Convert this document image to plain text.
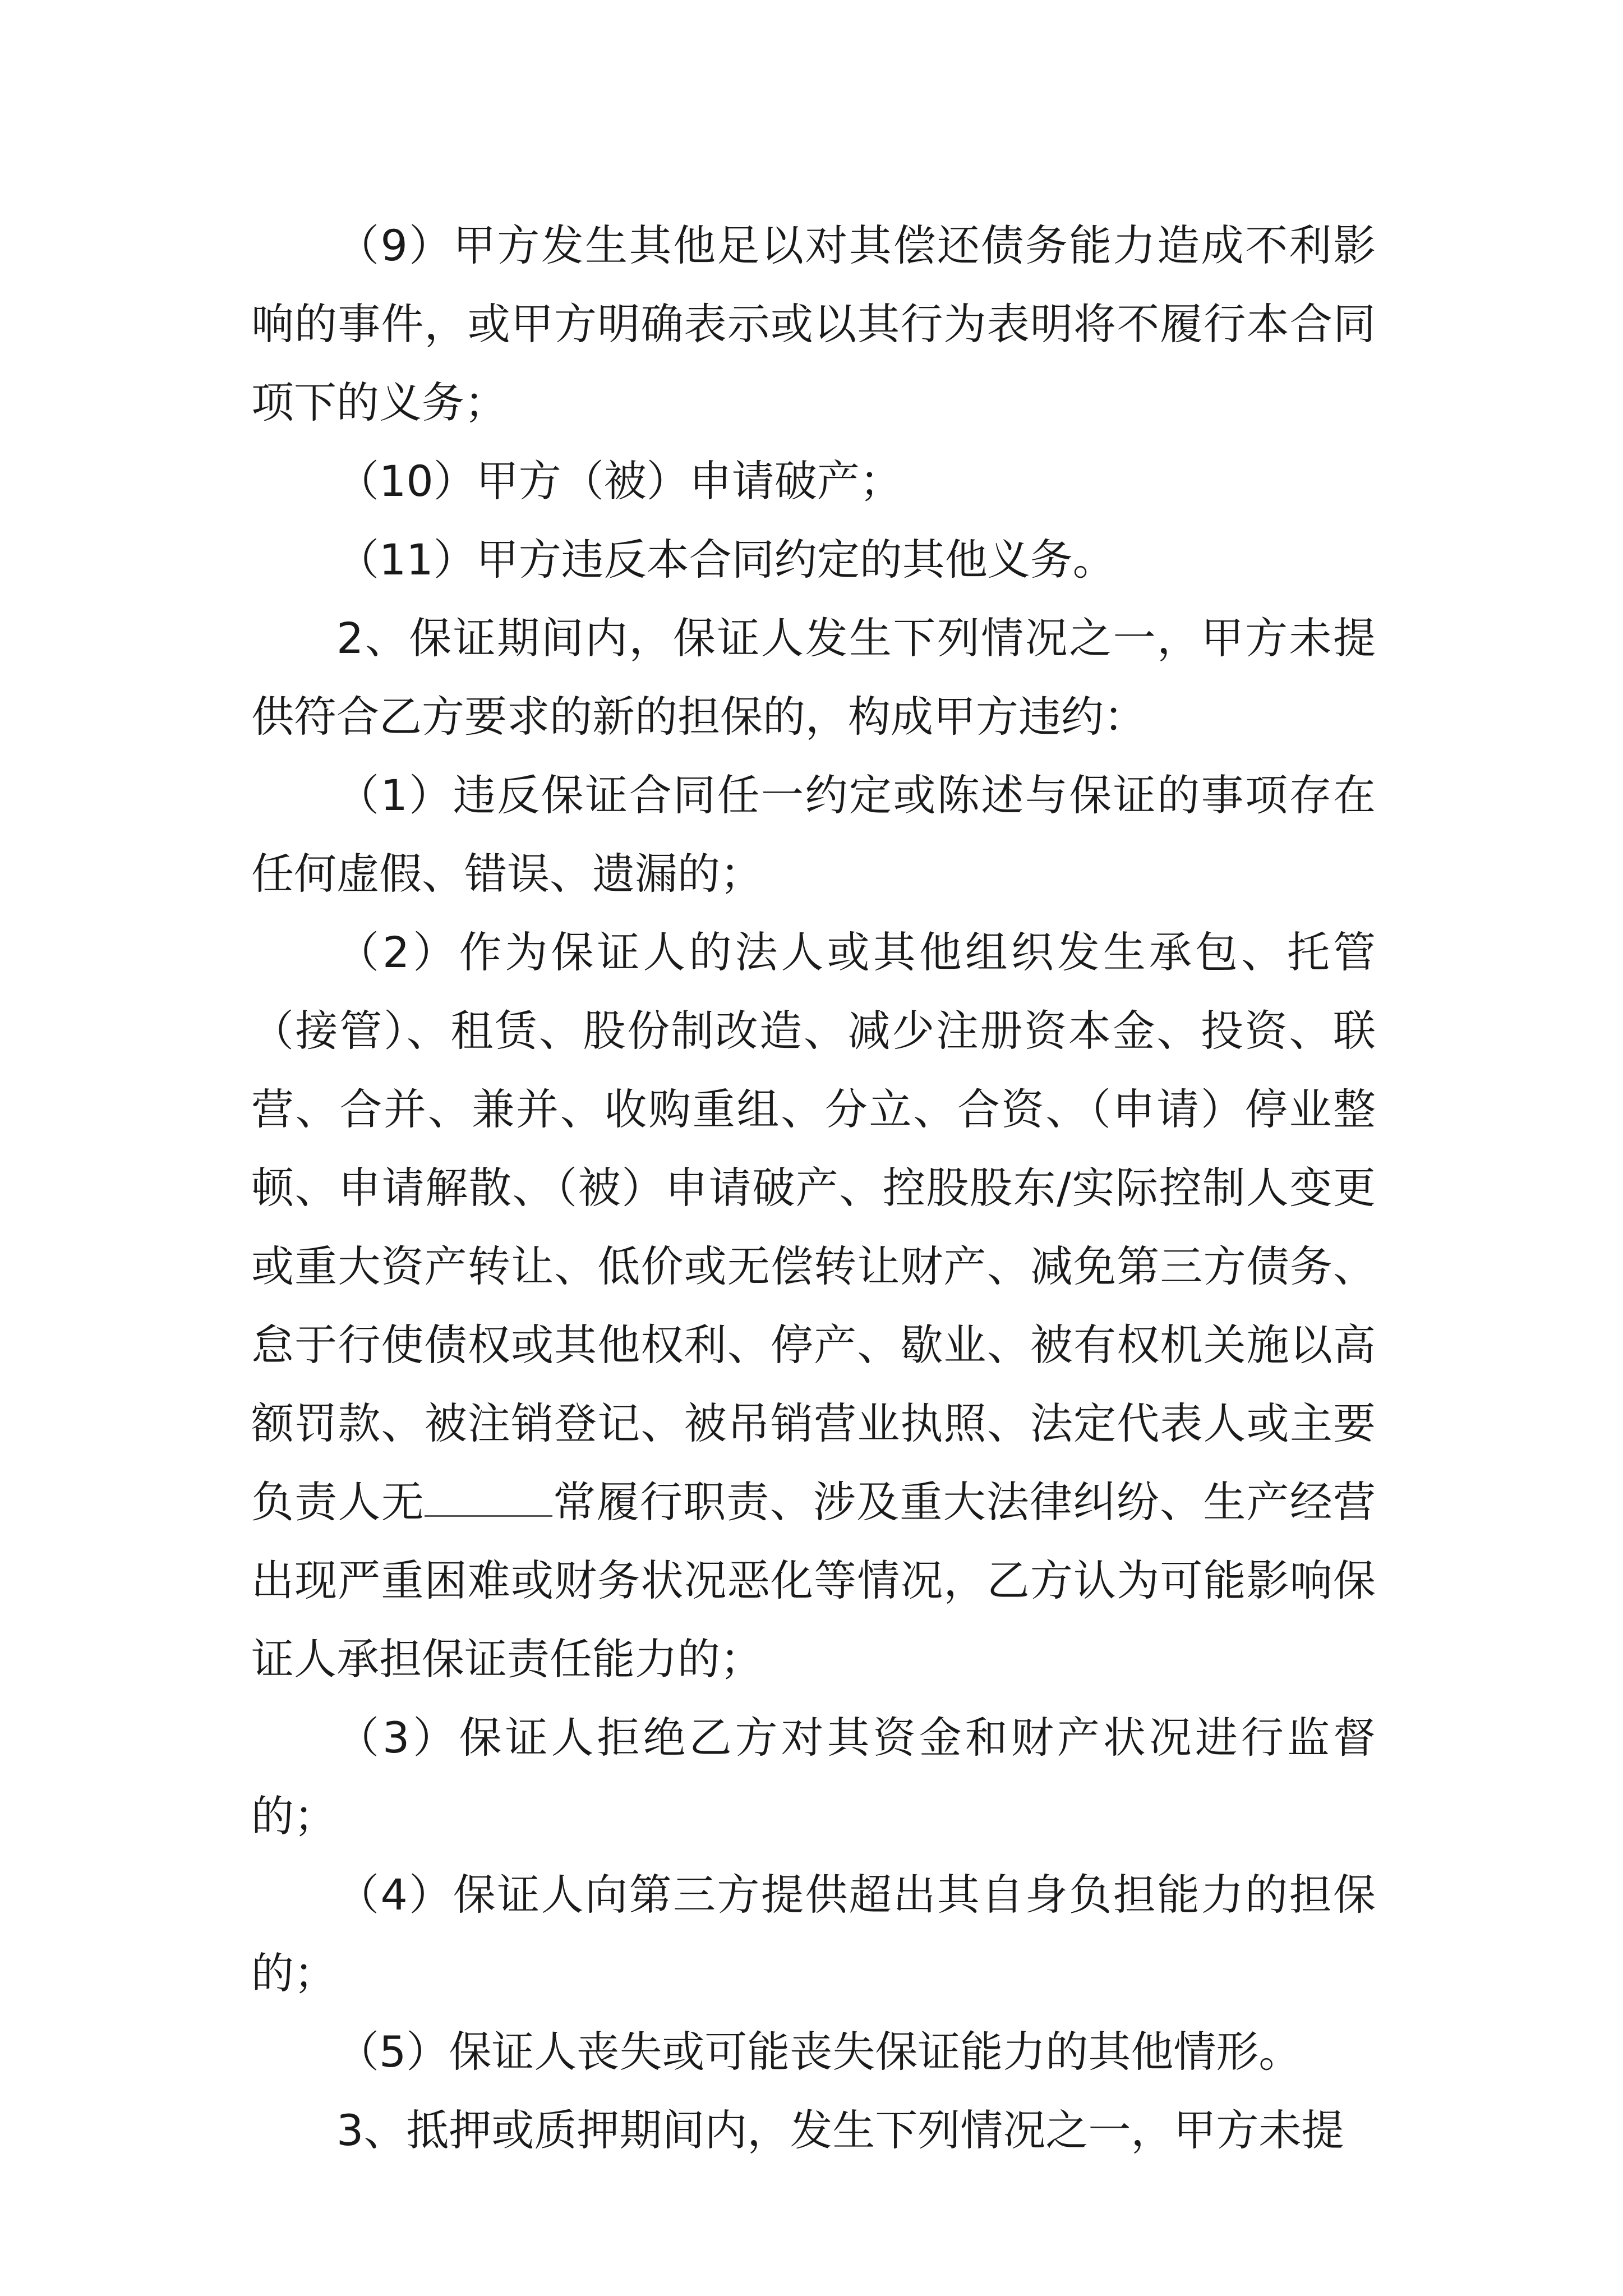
（9）甲方发生其他足以对其偿还债务能力造成不利影响的事件，或甲方明确表示或以其行为表明将不履行本合同项下的义务；

（10）甲方（被）申请破产；

（11）甲方违反本合同约定的其他义务。

2、保证期间内，保证人发生下列情况之一，甲方未提供符合乙方要求的新的担保的，构成甲方违约：

（1）违反保证合同任一约定或陈述与保证的事项存在任何虚假、错误、遗漏的；

（2）作为保证人的法人或其他组织发生承包、托管（接管）、租赁、股份制改造、减少注册资本金、投资、联营、合并、兼并、收购重组、分立、合资、（申请）停业整顿、申请解散、（被）申请破产、控股股东/实际控制人变更或重大资产转让、低价或无偿转让财产、减免第三方债务、怠于行使债权或其他权利、停产、歇业、被有权机关施以高额罚款、被注销登记、被吊销营业执照、法定代表人或主要负责人无	常履行职责、涉及重大法律纠纷、生产经营出现严重困难或财务状况恶化等情况，乙方认为可能影响保证人承担保证责任能力的；

（3）保证人拒绝乙方对其资金和财产状况进行监督的；

（4）保证人向第三方提供超出其自身负担能力的担保的；

（5）保证人丧失或可能丧失保证能力的其他情形。

3、抵押或质押期间内，发生下列情况之一，甲方未提
